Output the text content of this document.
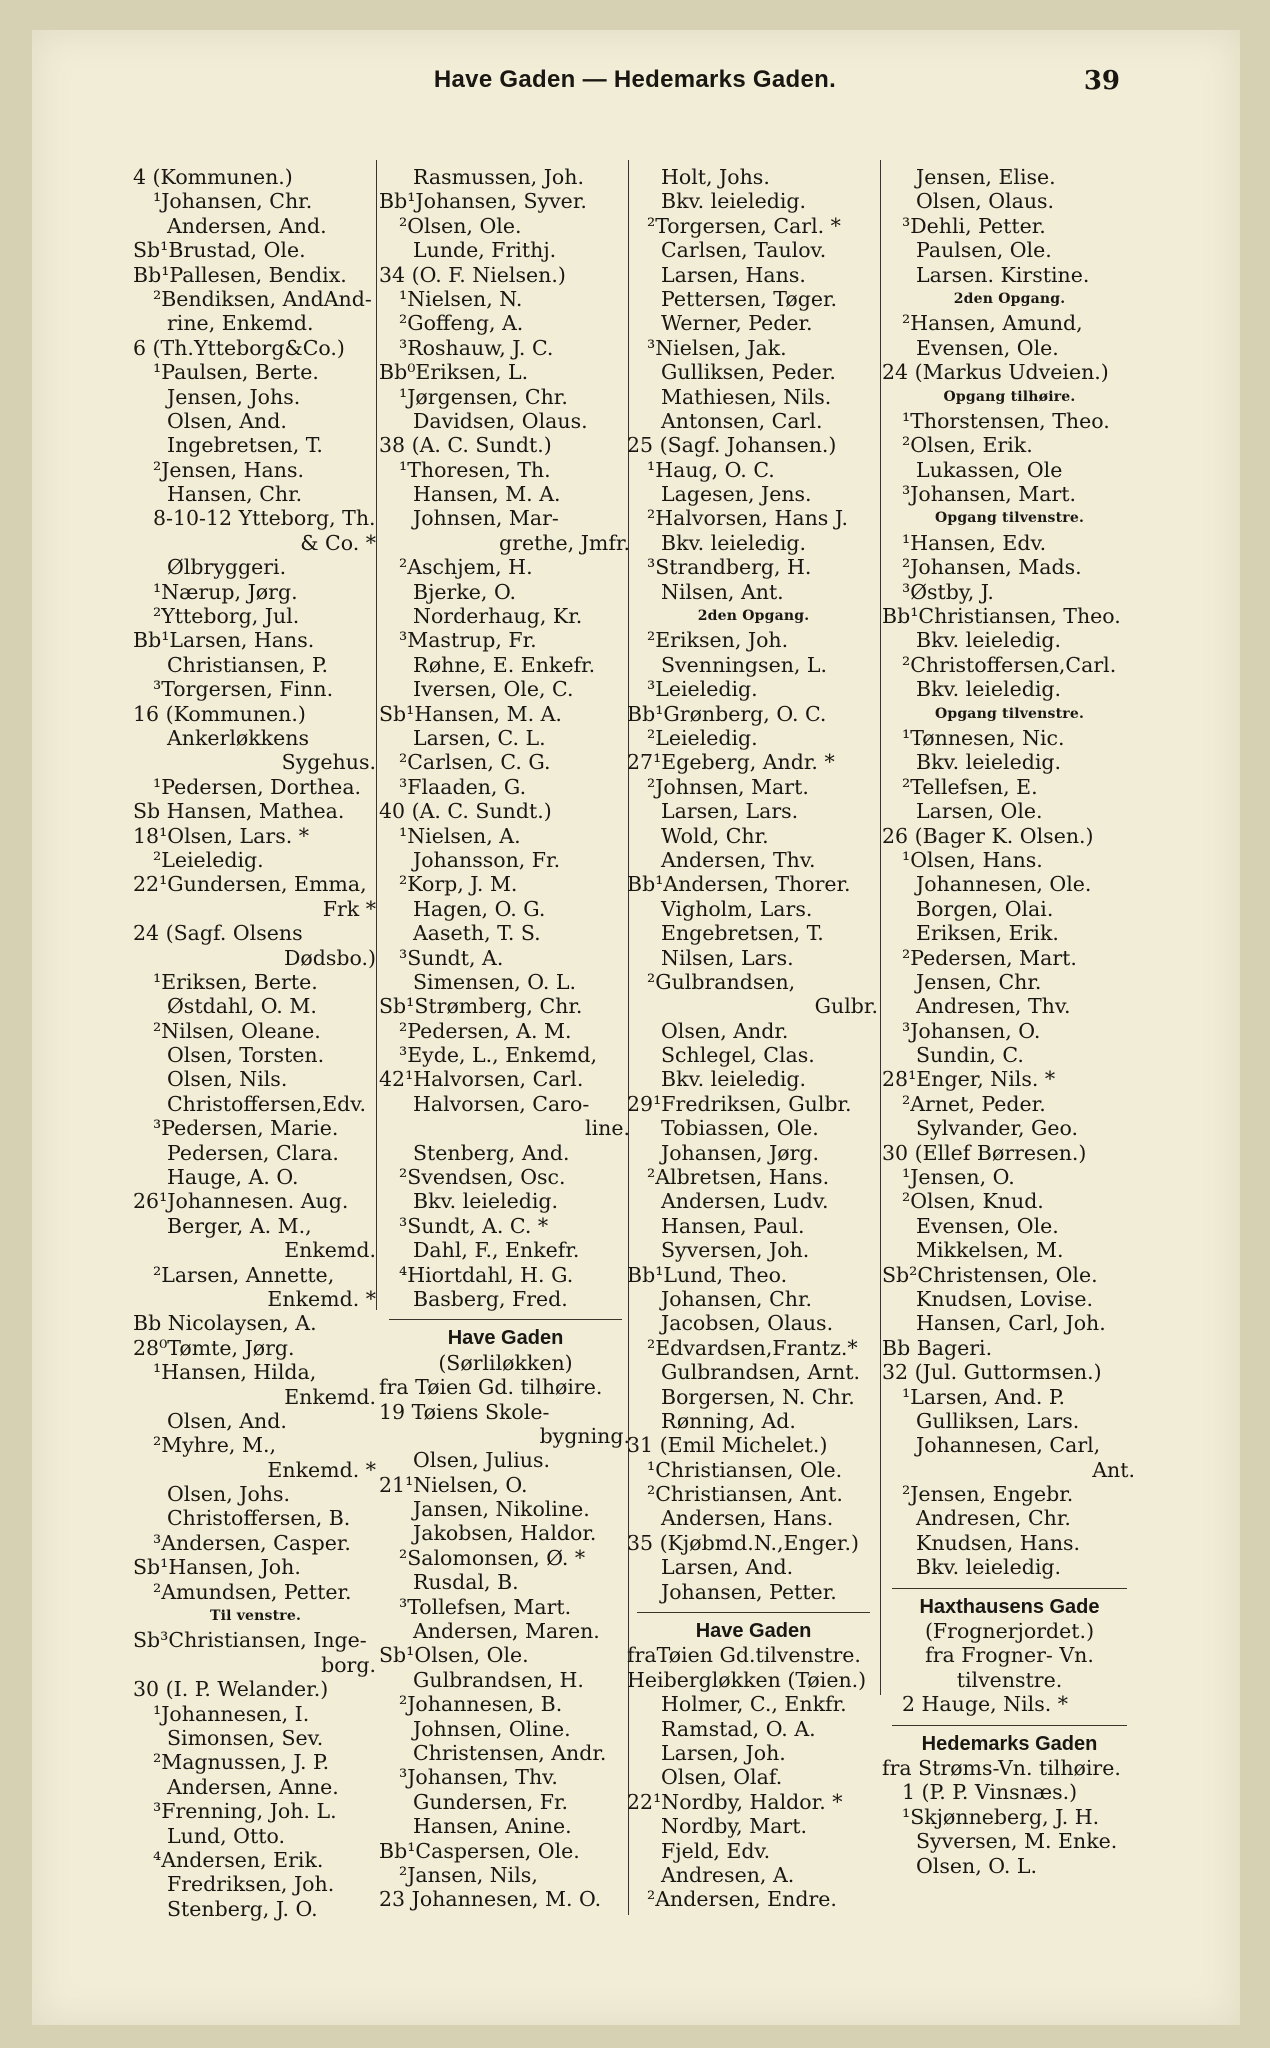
Have Gaden — Hedemarks Gaden.	39
4 (Kommunen.)
¹Johansen, Chr.
Andersen, And.
Sb¹Brustad, Ole.
Bb¹Pallesen, Bendix.
²Bendiksen, AndAnd-
rine, Enkemd.
6 (Th.Ytteborg&Co.)
¹Paulsen, Berte.
Jensen, Johs.
Olsen, And.
Ingebretsen, T.
²Jensen, Hans.
Hansen, Chr.
8-10-12 Ytteborg, Th.
& Co. *
Ølbryggeri.
¹Nærup, Jørg.
²Ytteborg, Jul.
Bb¹Larsen, Hans.
Christiansen, P.
³Torgersen, Finn.
16 (Kommunen.)
Ankerløkkens
Sygehus.
¹Pedersen, Dorthea.
Sb Hansen, Mathea.
18¹Olsen, Lars. *
²Leieledig.
22¹Gundersen, Emma,
Frk *
24 (Sagf. Olsens
Dødsbo.)
¹Eriksen, Berte.
Østdahl, O. M.
²Nilsen, Oleane.
Olsen, Torsten.
Olsen, Nils.
Christoffersen,Edv.
³Pedersen, Marie.
Pedersen, Clara.
Hauge, A. O.
26¹Johannesen. Aug.
Berger, A. M.,
Enkemd.
²Larsen, Annette,
Enkemd. *
Bb Nicolaysen, A.
28⁰Tømte, Jørg.
¹Hansen, Hilda,
Enkemd.
Olsen, And.
²Myhre, M.,
Enkemd. *
Olsen, Johs.
Christoffersen, B.
³Andersen, Casper.
Sb¹Hansen, Joh.
²Amundsen, Petter.
Til venstre.
Sb³Christiansen, Inge-
borg.
30 (I. P. Welander.)
¹Johannesen, I.
Simonsen, Sev.
²Magnussen, J. P.
Andersen, Anne.
³Frenning, Joh. L.
Lund, Otto.
⁴Andersen, Erik.
Fredriksen, Joh.
Stenberg, J. O.
Rasmussen, Joh.
Bb¹Johansen, Syver.
²Olsen, Ole.
Lunde, Frithj.
34 (O. F. Nielsen.)
¹Nielsen, N.
²Goffeng, A.
³Roshauw, J. C.
Bb⁰Eriksen, L.
¹Jørgensen, Chr.
Davidsen, Olaus.
38 (A. C. Sundt.)
¹Thoresen, Th.
Hansen, M. A.
Johnsen, Mar-
grethe, Jmfr.
²Aschjem, H.
Bjerke, O.
Norderhaug, Kr.
³Mastrup, Fr.
Røhne, E. Enkefr.
Iversen, Ole, C.
Sb¹Hansen, M. A.
Larsen, C. L.
²Carlsen, C. G.
³Flaaden, G.
40 (A. C. Sundt.)
¹Nielsen, A.
Johansson, Fr.
²Korp, J. M.
Hagen, O. G.
Aaseth, T. S.
³Sundt, A.
Simensen, O. L.
Sb¹Strømberg, Chr.
²Pedersen, A. M.
³Eyde, L., Enkemd,
42¹Halvorsen, Carl.
Halvorsen, Caro-
line.
Stenberg, And.
²Svendsen, Osc.
Bkv. leieledig.
³Sundt, A. C. *
Dahl, F., Enkefr.
⁴Hiortdahl, H. G.
Basberg, Fred.
Have Gaden
(Sørliløkken)
fra Tøien Gd. tilhøire.
19 Tøiens Skole-
bygning.
Olsen, Julius.
21¹Nielsen, O.
Jansen, Nikoline.
Jakobsen, Haldor.
²Salomonsen, Ø. *
Rusdal, B.
³Tollefsen, Mart.
Andersen, Maren.
Sb¹Olsen, Ole.
Gulbrandsen, H.
²Johannesen, B.
Johnsen, Oline.
Christensen, Andr.
³Johansen, Thv.
Gundersen, Fr.
Hansen, Anine.
Bb¹Caspersen, Ole.
²Jansen, Nils,
23 Johannesen, M. O.
Holt, Johs.
Bkv. leieledig.
²Torgersen, Carl. *
Carlsen, Taulov.
Larsen, Hans.
Pettersen, Tøger.
Werner, Peder.
³Nielsen, Jak.
Gulliksen, Peder.
Mathiesen, Nils.
Antonsen, Carl.
25 (Sagf. Johansen.)
¹Haug, O. C.
Lagesen, Jens.
²Halvorsen, Hans J.
Bkv. leieledig.
³Strandberg, H.
Nilsen, Ant.
2den Opgang.
²Eriksen, Joh.
Svenningsen, L.
³Leieledig.
Bb¹Grønberg, O. C.
²Leieledig.
27¹Egeberg, Andr. *
²Johnsen, Mart.
Larsen, Lars.
Wold, Chr.
Andersen, Thv.
Bb¹Andersen, Thorer.
Vigholm, Lars.
Engebretsen, T.
Nilsen, Lars.
²Gulbrandsen,
Gulbr.
Olsen, Andr.
Schlegel, Clas.
Bkv. leieledig.
29¹Fredriksen, Gulbr.
Tobiassen, Ole.
Johansen, Jørg.
²Albretsen, Hans.
Andersen, Ludv.
Hansen, Paul.
Syversen, Joh.
Bb¹Lund, Theo.
Johansen, Chr.
Jacobsen, Olaus.
²Edvardsen,Frantz.*
Gulbrandsen, Arnt.
Borgersen, N. Chr.
Rønning, Ad.
31 (Emil Michelet.)
¹Christiansen, Ole.
²Christiansen, Ant.
Andersen, Hans.
35 (Kjøbmd.N.,Enger.)
Larsen, And.
Johansen, Petter.
Have Gaden
fraTøien Gd.tilvenstre.
Heibergløkken (Tøien.)
Holmer, C., Enkfr.
Ramstad, O. A.
Larsen, Joh.
Olsen, Olaf.
22¹Nordby, Haldor. *
Nordby, Mart.
Fjeld, Edv.
Andresen, A.
²Andersen, Endre.
Jensen, Elise.
Olsen, Olaus.
³Dehli, Petter.
Paulsen, Ole.
Larsen. Kirstine.
2den Opgang.
²Hansen, Amund,
Evensen, Ole.
24 (Markus Udveien.)
Opgang tilhøire.
¹Thorstensen, Theo.
²Olsen, Erik.
Lukassen, Ole
³Johansen, Mart.
Opgang tilvenstre.
¹Hansen, Edv.
²Johansen, Mads.
³Østby, J.
Bb¹Christiansen, Theo.
Bkv. leieledig.
²Christoffersen,Carl.
Bkv. leieledig.
Opgang tilvenstre.
¹Tønnesen, Nic.
Bkv. leieledig.
²Tellefsen, E.
Larsen, Ole.
26 (Bager K. Olsen.)
¹Olsen, Hans.
Johannesen, Ole.
Borgen, Olai.
Eriksen, Erik.
²Pedersen, Mart.
Jensen, Chr.
Andresen, Thv.
³Johansen, O.
Sundin, C.
28¹Enger, Nils. *
²Arnet, Peder.
Sylvander, Geo.
30 (Ellef Børresen.)
¹Jensen, O.
²Olsen, Knud.
Evensen, Ole.
Mikkelsen, M.
Sb²Christensen, Ole.
Knudsen, Lovise.
Hansen, Carl, Joh.
Bb Bageri.
32 (Jul. Guttormsen.)
¹Larsen, And. P.
Gulliksen, Lars.
Johannesen, Carl,
Ant.
²Jensen, Engebr.
Andresen, Chr.
Knudsen, Hans.
Bkv. leieledig.
Haxthausens Gade
(Frognerjordet.)
fra Frogner- Vn.
tilvenstre.
2 Hauge, Nils. *
Hedemarks Gaden
fra Strøms-Vn. tilhøire.
1 (P. P. Vinsnæs.)
¹Skjønneberg, J. H.
Syversen, M. Enke.
Olsen, O. L.
